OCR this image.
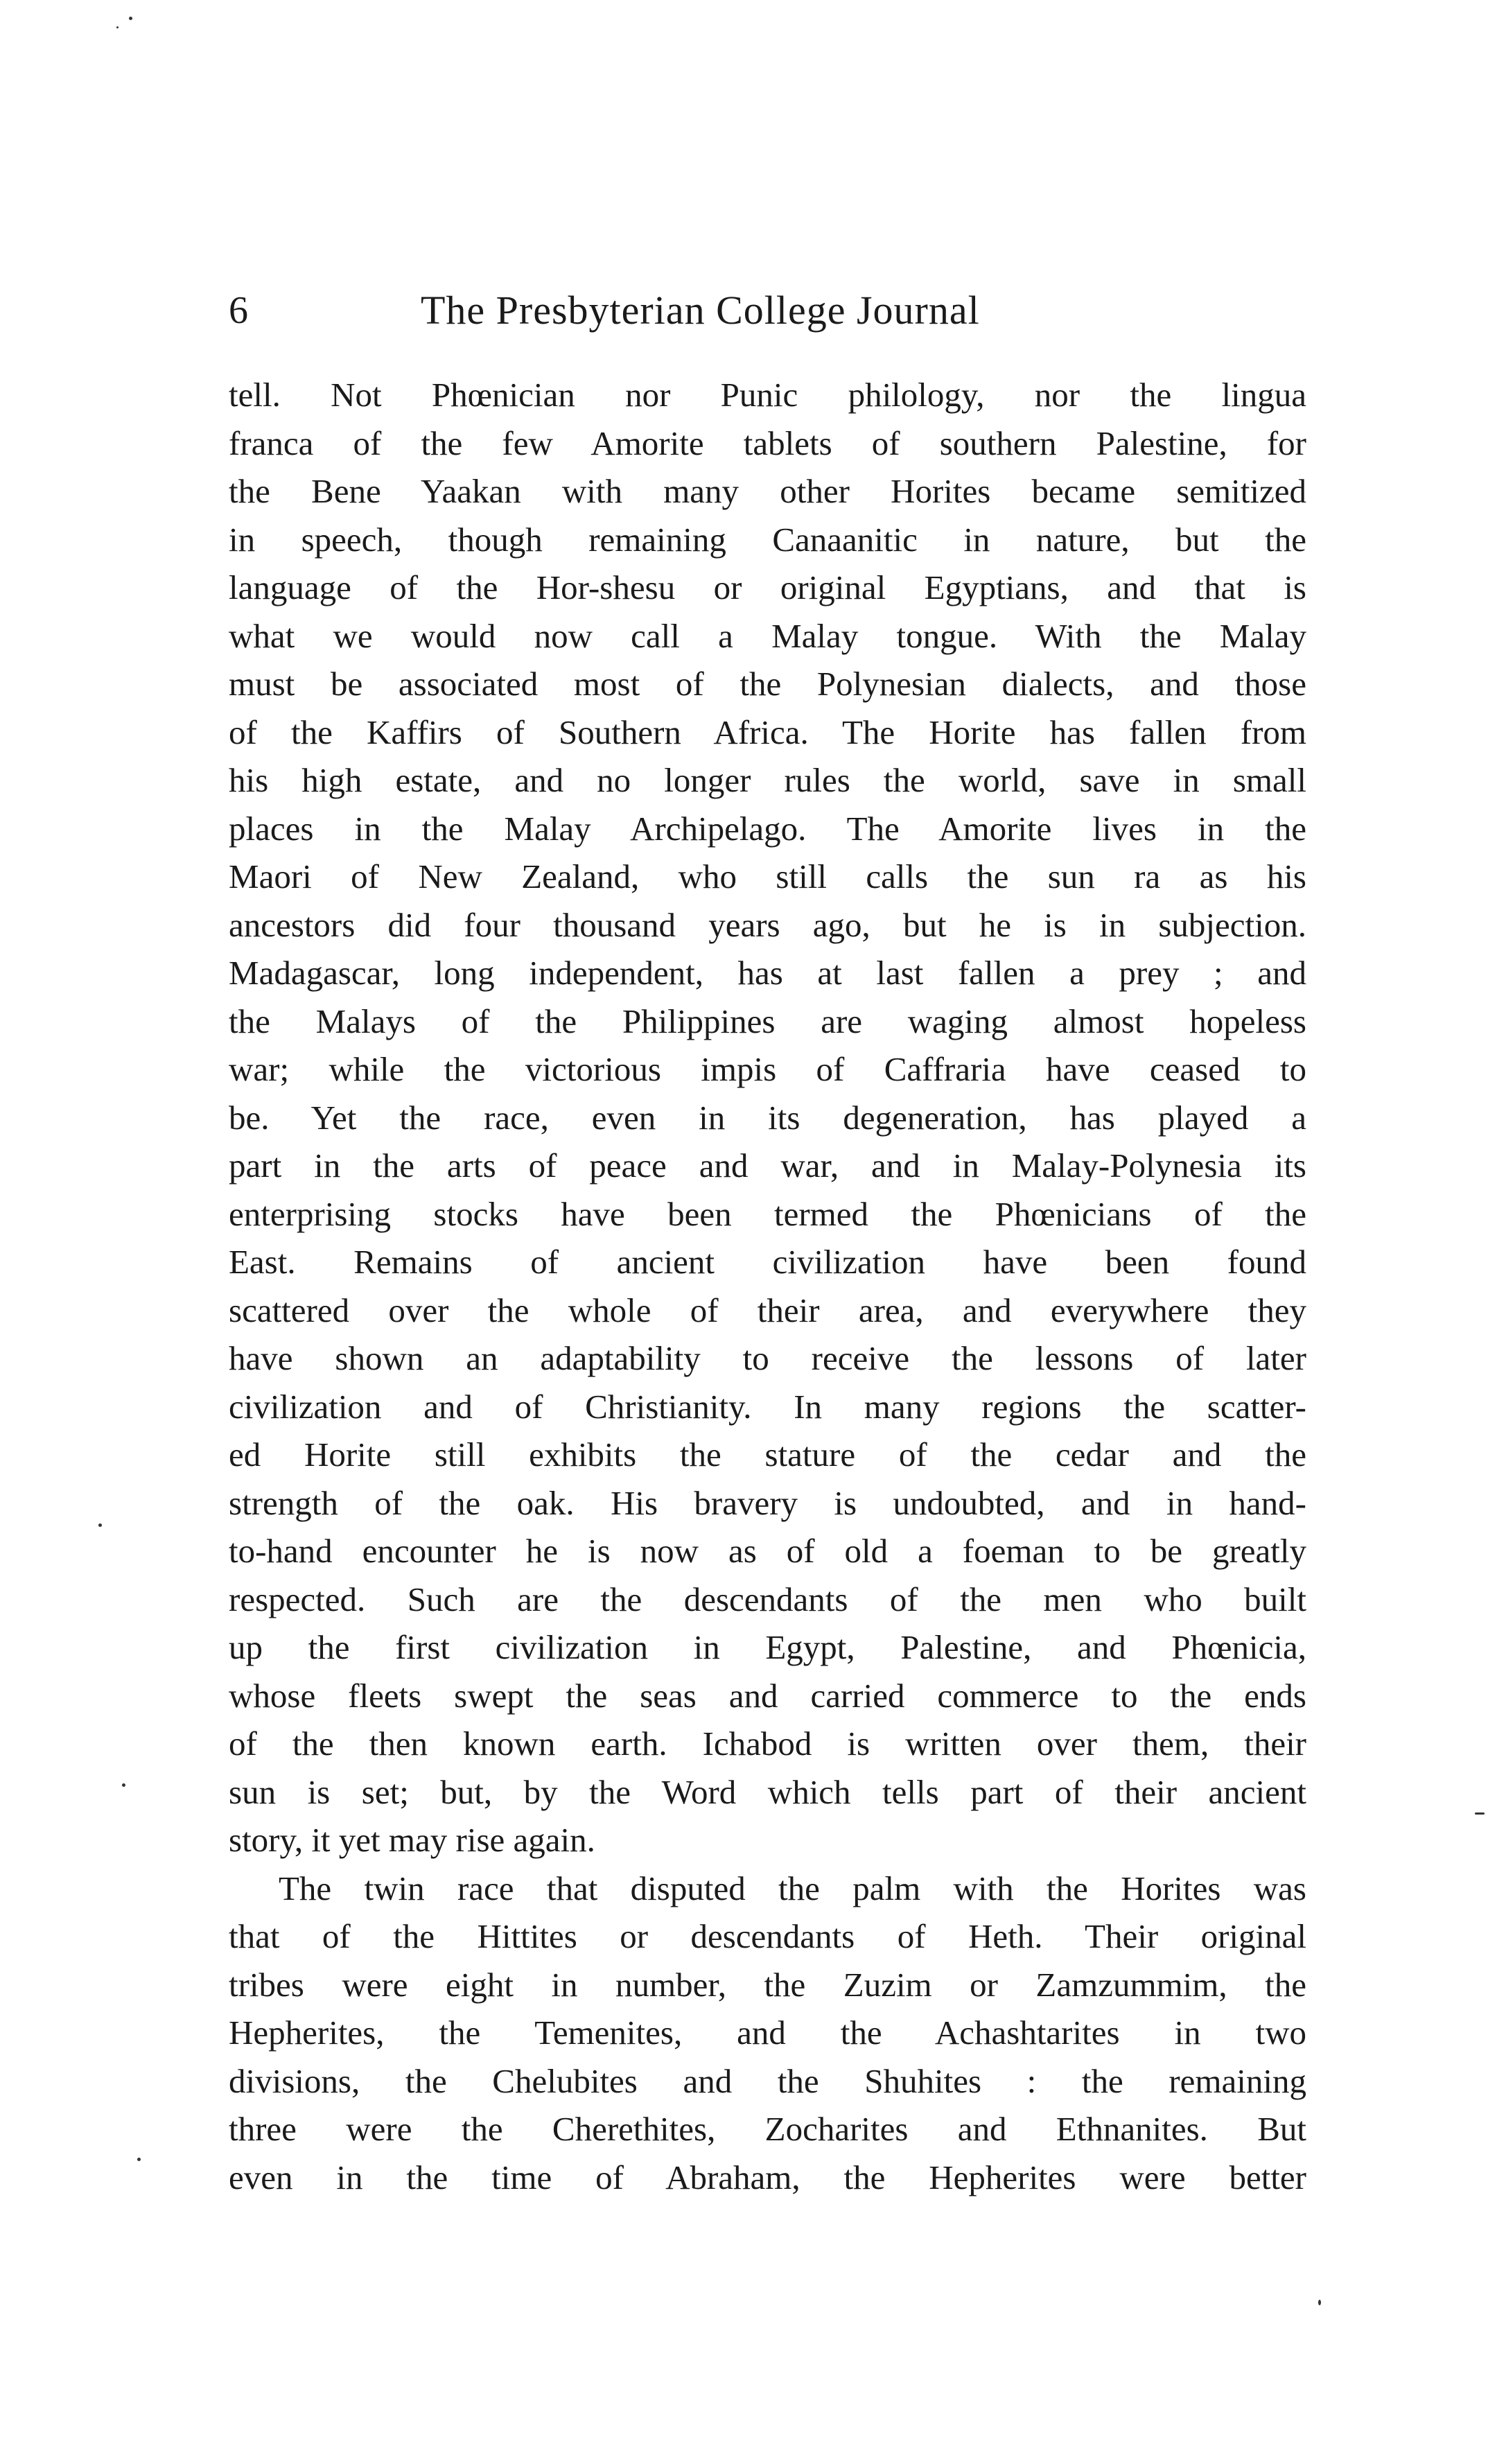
6	The Presbyterian College Journal
tell. Not Phœnician nor Punic philology, nor the lingua
franca of the few Amorite tablets of southern Palestine, for
the Bene Yaakan with many other Horites became semitized
in speech, though remaining Canaanitic in nature, but the
language of the Hor-shesu or original Egyptians, and that is
what we would now call a Malay tongue. With the Malay
must be associated most of the Polynesian dialects, and those
of the Kaffirs of Southern Africa. The Horite has fallen from
his high estate, and no longer rules the world, save in small
places in the Malay Archipelago. The Amorite lives in the
Maori of New Zealand, who still calls the sun ra as his
ancestors did four thousand years ago, but he is in subjection.
Madagascar, long independent, has at last fallen a prey ; and
the Malays of the Philippines are waging almost hopeless
war; while the victorious impis of Caffraria have ceased to
be. Yet the race, even in its degeneration, has played a
part in the arts of peace and war, and in Malay-Polynesia its
enterprising stocks have been termed the Phœnicians of the
East. Remains of ancient civilization have been found
scattered over the whole of their area, and everywhere they
have shown an adaptability to receive the lessons of later
civilization and of Christianity. In many regions the scatter-
ed Horite still exhibits the stature of the cedar and the
strength of the oak. His bravery is undoubted, and in hand-
to-hand encounter he is now as of old a foeman to be greatly
respected. Such are the descendants of the men who built
up the first civilization in Egypt, Palestine, and Phœnicia,
whose fleets swept the seas and carried commerce to the ends
of the then known earth. Ichabod is written over them, their
sun is set; but, by the Word which tells part of their ancient
story, it yet may rise again.
The twin race that disputed the palm with the Horites was
that of the Hittites or descendants of Heth. Their original
tribes were eight in number, the Zuzim or Zamzummim, the
Hepherites, the Temenites, and the Achashtarites in two
divisions, the Chelubites and the Shuhites : the remaining
three were the Cherethites, Zocharites and Ethnanites. But
even in the time of Abraham, the Hepherites were better
